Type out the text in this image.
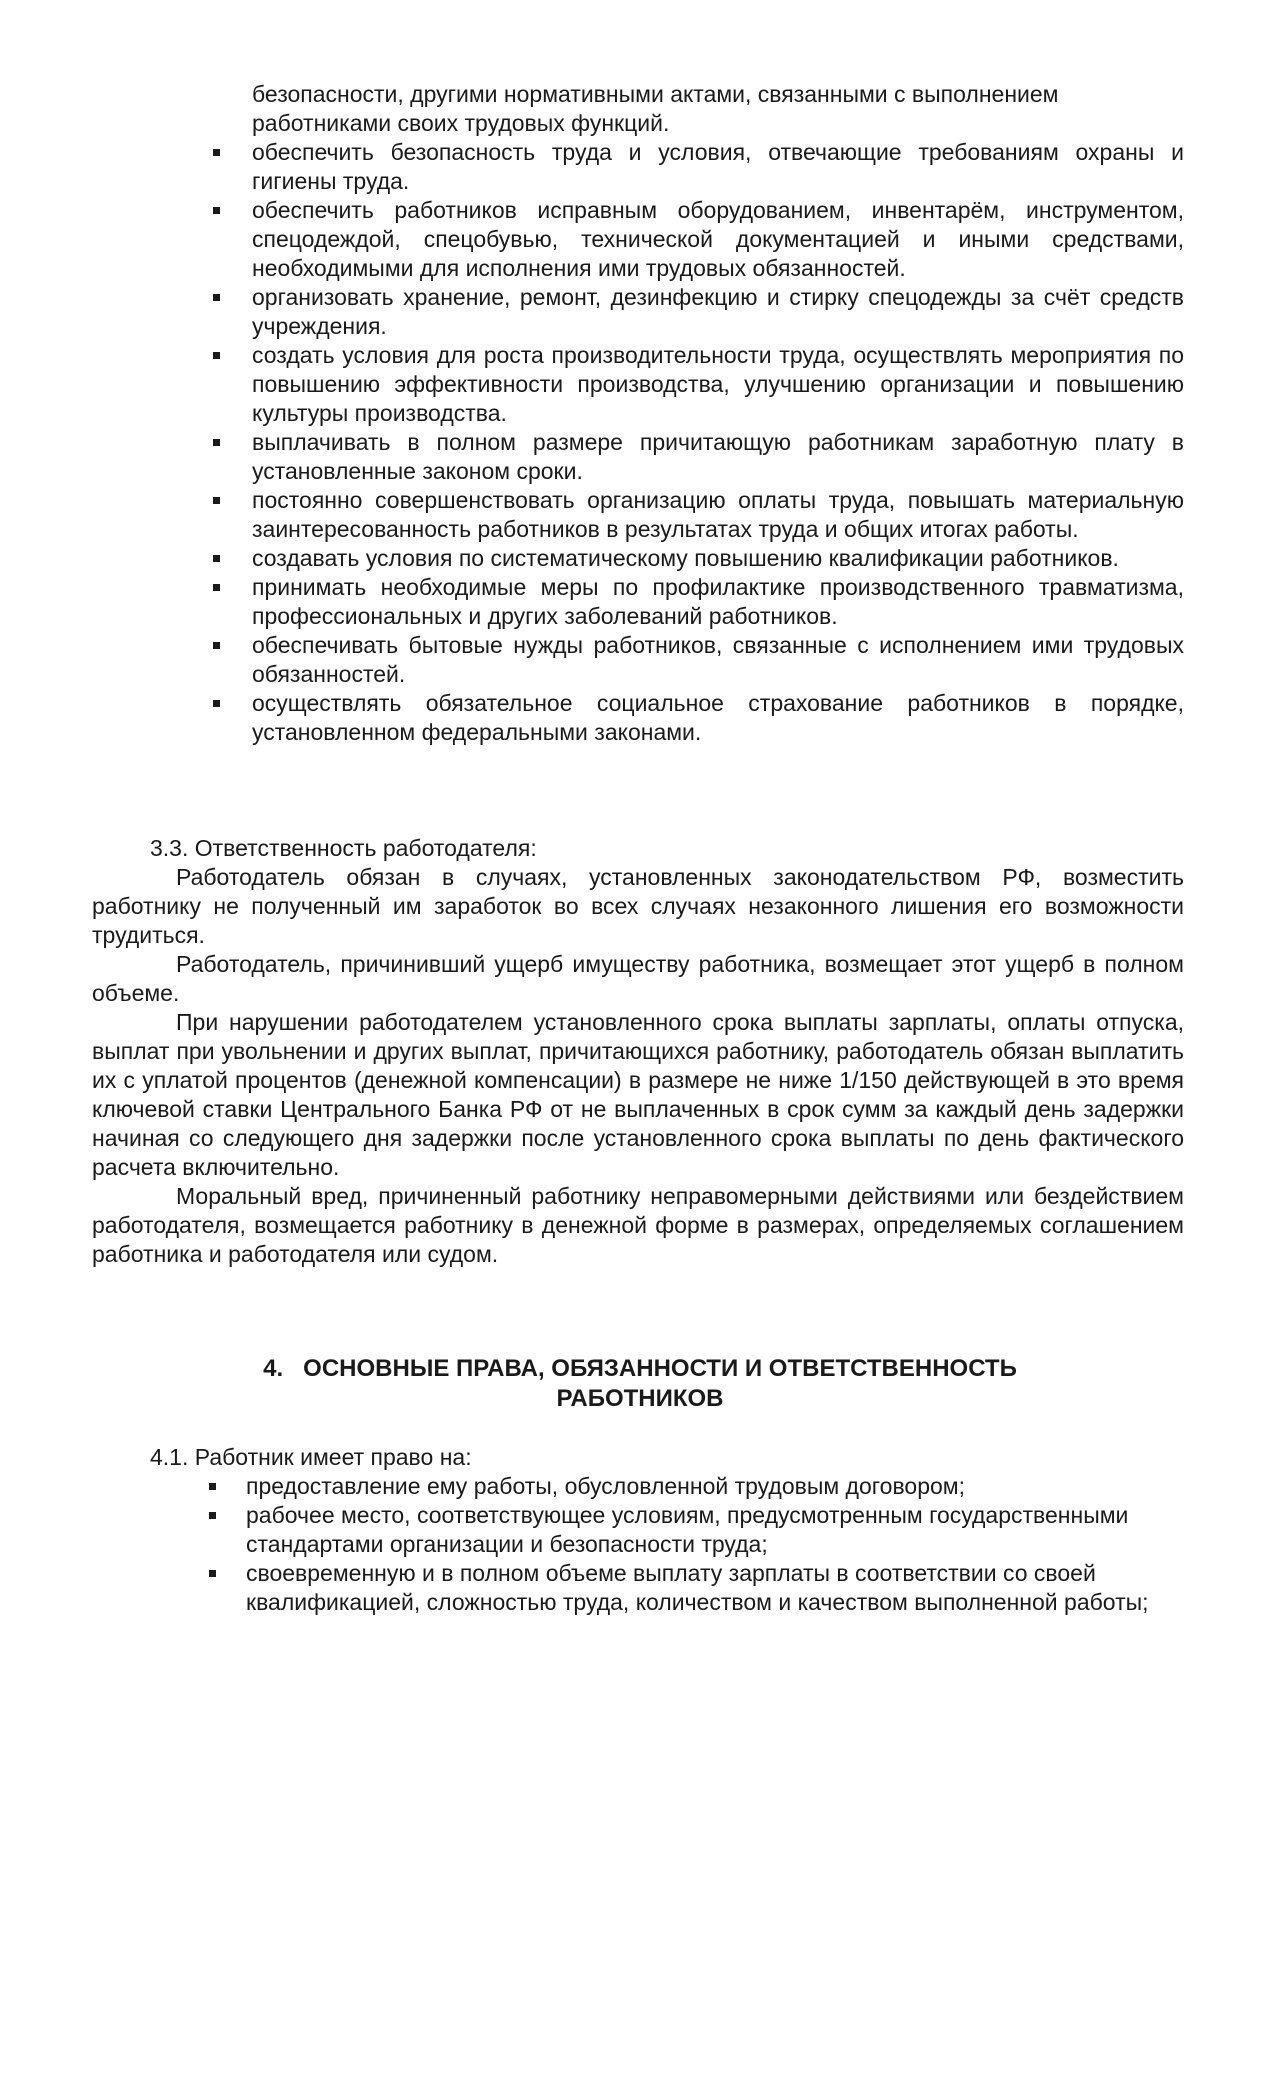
безопасности, другими нормативными актами, связанными с выполнением работниками своих трудовых функций.
обеспечить безопасность труда и условия, отвечающие требованиям охраны и гигиены труда.
обеспечить работников исправным оборудованием, инвентарём, инструментом, спецодеждой, спецобувью, технической документацией и иными средствами, необходимыми для исполнения ими трудовых обязанностей.
организовать хранение, ремонт, дезинфекцию и стирку спецодежды за счёт средств учреждения.
создать условия для роста производительности труда, осуществлять мероприятия по повышению эффективности производства, улучшению организации и повышению культуры производства.
выплачивать в полном размере причитающую работникам заработную плату в установленные законом сроки.
постоянно совершенствовать организацию оплаты труда, повышать материальную заинтересованность работников в результатах труда и общих итогах работы.
создавать условия по систематическому повышению квалификации работников.
принимать необходимые меры по профилактике производственного травматизма, профессиональных и других заболеваний работников.
обеспечивать бытовые нужды работников, связанные с исполнением ими трудовых обязанностей.
осуществлять обязательное социальное страхование работников в порядке, установленном федеральными законами.
3.3. Ответственность работодателя:

Работодатель обязан в случаях, установленных законодательством РФ, возместить работнику не полученный им заработок во всех случаях незаконного лишения его возможности трудиться.

Работодатель, причинивший ущерб имуществу работника, возмещает этот ущерб в полном объеме.

При нарушении работодателем установленного срока выплаты зарплаты, оплаты отпуска, выплат при увольнении и других выплат, причитающихся работнику, работодатель обязан выплатить их с уплатой процентов (денежной компенсации) в размере не ниже 1/150 действующей в это время ключевой ставки Центрального Банка РФ от не выплаченных в срок сумм за каждый день задержки начиная со следующего дня задержки после установленного срока выплаты по день фактического расчета включительно.

Моральный вред, причиненный работнику неправомерными действиями или бездействием работодателя, возмещается работнику в денежной форме в размерах, определяемых соглашением работника и работодателя или судом.

4. ОСНОВНЫЕ ПРАВА, ОБЯЗАННОСТИ И ОТВЕТСТВЕННОСТЬ
РАБОТНИКОВ
4.1. Работник имеет право на:
предоставление ему работы, обусловленной трудовым договором;
рабочее место, соответствующее условиям, предусмотренным государственными стандартами организации и безопасности труда;
своевременную и в полном объеме выплату зарплаты в соответствии со своей квалификацией, сложностью труда, количеством и качеством выполненной работы;
